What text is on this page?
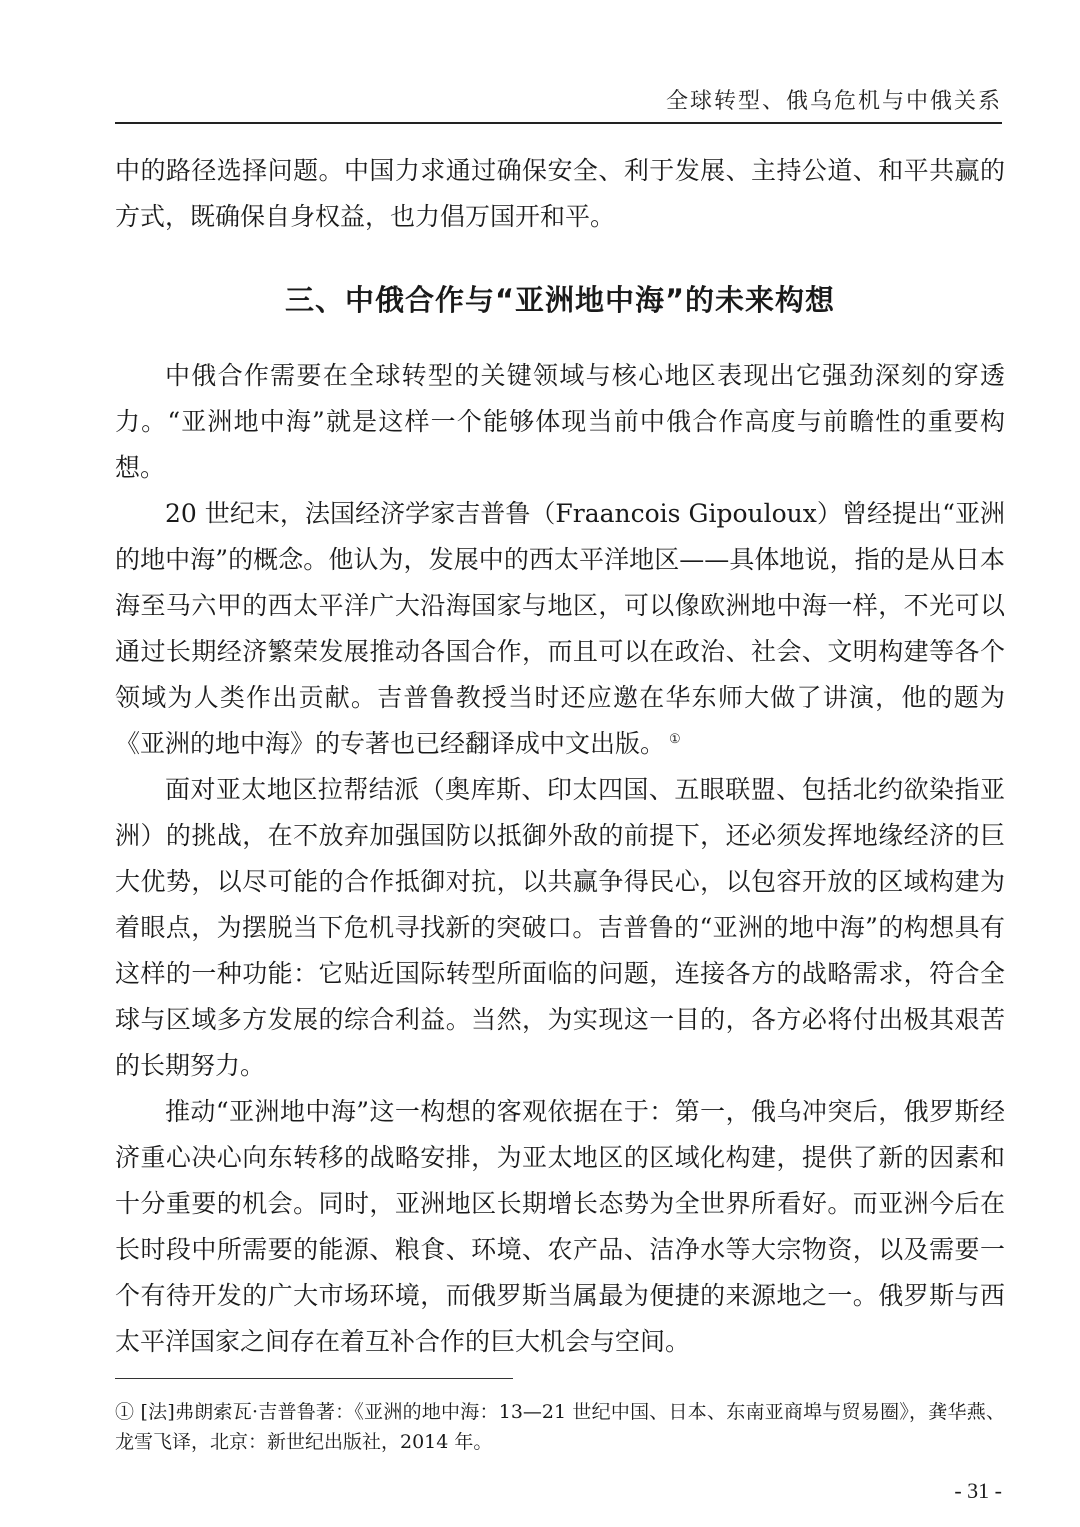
全球转型、俄乌危机与中俄关系

中的路径选择问题。中国力求通过确保安全、利于发展、主持公道、和平共赢的方式，既确保自身权益，也力倡万国开和平。

三、中俄合作与“亚洲地中海”的未来构想

中俄合作需要在全球转型的关键领域与核心地区表现出它强劲深刻的穿透力。“亚洲地中海”就是这样一个能够体现当前中俄合作高度与前瞻性的重要构想。

20 世纪末，法国经济学家吉普鲁（Fraancois Gipouloux）曾经提出“亚洲的地中海”的概念。他认为，发展中的西太平洋地区——具体地说，指的是从日本海至马六甲的西太平洋广大沿海国家与地区，可以像欧洲地中海一样，不光可以通过长期经济繁荣发展推动各国合作，而且可以在政治、社会、文明构建等各个领域为人类作出贡献。吉普鲁教授当时还应邀在华东师大做了讲演，他的题为《亚洲的地中海》的专著也已经翻译成中文出版。 ①

面对亚太地区拉帮结派（奥库斯、印太四国、五眼联盟、包括北约欲染指亚洲）的挑战，在不放弃加强国防以抵御外敌的前提下，还必须发挥地缘经济的巨大优势，以尽可能的合作抵御对抗，以共赢争得民心，以包容开放的区域构建为着眼点，为摆脱当下危机寻找新的突破口。吉普鲁的“亚洲的地中海”的构想具有这样的一种功能：它贴近国际转型所面临的问题，连接各方的战略需求，符合全球与区域多方发展的综合利益。当然，为实现这一目的，各方必将付出极其艰苦的长期努力。

推动“亚洲地中海”这一构想的客观依据在于：第一，俄乌冲突后，俄罗斯经济重心决心向东转移的战略安排，为亚太地区的区域化构建，提供了新的因素和十分重要的机会。同时，亚洲地区长期增长态势为全世界所看好。而亚洲今后在长时段中所需要的能源、粮食、环境、农产品、洁净水等大宗物资，以及需要一个有待开发的广大市场环境，而俄罗斯当属最为便捷的来源地之一。俄罗斯与西太平洋国家之间存在着互补合作的巨大机会与空间。

① [法]弗朗索瓦·吉普鲁著：《亚洲的地中海：13—21 世纪中国、日本、东南亚商埠与贸易圈》，龚华燕、龙雪飞译，北京：新世纪出版社，2014 年。
- 31 -
